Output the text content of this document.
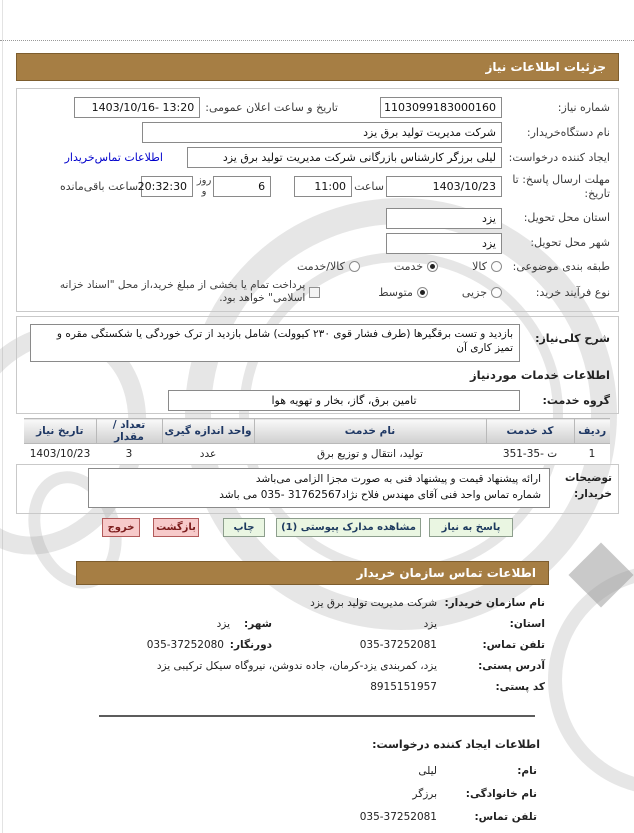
جزئیات اطلاعات نیاز
شماره نیاز:
1103099183000160
تاریخ و ساعت اعلان عمومی:
1403/10/16- 13:20
نام دستگاه‌خریدار:
شرکت مدیریت تولید برق یزد
ایجاد کننده درخواست:
لیلی برزگر کارشناس بازرگانی شرکت مدیریت تولید برق یزد
اطلاعات تماس‌خریدار
مهلت ارسال پاسخ: تا تاریخ:
1403/10/23
ساعت
11:00
6
روز و
20:32:30
ساعت باقی‌مانده
استان محل تحویل:
یزد
شهر محل تحویل:
یزد
طبقه بندی موضوعی:
کالا
خدمت
کالا/خدمت
نوع فرآیند خرید:
جزیی
متوسط
پرداخت تمام یا بخشی از مبلغ خرید،از محل "اسناد خزانه اسلامی" خواهد بود.
شرح کلی‌نیاز:
بازدید و تست برقگیرها (طرف فشار قوی ۲۳۰ کیوولت) شامل بازدید از ترک خوردگی یا شکستگی مقره و تمیز کاری آن
اطلاعات خدمات موردنیاز
گروه خدمت:
تامین برق، گاز، بخار و تهویه هوا
ردیف	کد خدمت	نام خدمت	واحد اندازه گیری	تعداد / مقدار	تاریخ نیاز
1	351-35- ت	تولید، انتقال و توزیع برق	عدد	3	1403/10/23
توضیحات خریدار:
ارائه پیشنهاد قیمت و پیشنهاد فنی به صورت مجزا الزامی می‌باشد
شماره تماس واحد فنی آقای مهندس فلاح نژاد31762567 -035 می باشد
پاسخ به نیاز
مشاهده مدارک پیوستی (1)
چاپ
بازگشت
خروج
اطلاعات تماس سازمان خریدار
نام سازمان خریدار:
شرکت مدیریت تولید برق یزد
استان:
یزد
شهر:
یزد
تلفن تماس:
035-37252081
دورنگار:
035-37252080
آدرس پستی:
یزد، کمربندی یزد-کرمان، جاده ندوشن، نیروگاه سیکل ترکیبی یزد
کد پستی:
8915151957
اطلاعات ایجاد کننده درخواست:
نام:
لیلی
نام خانوادگی:
برزگر
تلفن تماس:
035-37252081
